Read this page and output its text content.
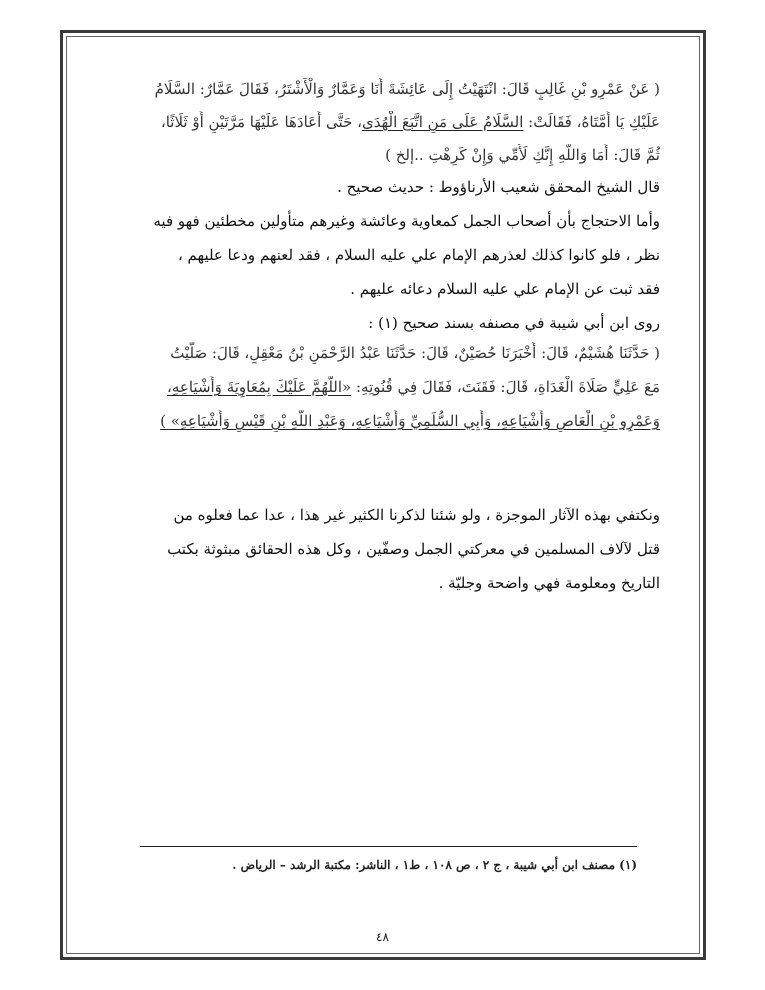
( عَنْ عَمْرِو بْنِ غَالِبٍ قَالَ: انْتَهَيْتُ إِلَى عَائِشَةَ أَنَا وَعَمَّارٌ وَالْأَشْتَرُ، فَقَالَ عَمَّارٌ: السَّلَامُ
عَلَيْكِ يَا أُمَّتَاهُ، فَقَالَتْ: السَّلَامُ عَلَى مَنِ اتَّبَعَ الْهُدَى، حَتَّى أَعَادَهَا عَلَيْهَا مَرَّتَيْنِ أَوْ ثَلَاثًا،
ثُمَّ قَالَ: أَمَا وَاللَّهِ إِنَّكِ لَأُمِّي وَإِنْ كَرِهْتِ ..إلخ )
قال الشيخ المحقق شعيب الأرناؤوط : حديث صحيح .
وأما الاحتجاج بأن أصحاب الجمل كمعاوية وعائشة وغيرهم متأولين مخطئين فهو فيه
نظر ، فلو كانوا كذلك لعذرهم الإمام علي عليه السلام ، فقد لعنهم ودعا عليهم ،
فقد ثبت عن الإمام علي عليه السلام دعائه عليهم .
روى ابن أبي شيبة في مصنفه بسند صحيح (١) :
( حَدَّثَنَا هُشَيْمٌ، قَالَ: أَخْبَرَنَا حُصَيْنٌ، قَالَ: حَدَّثَنَا عَبْدُ الرَّحْمَنِ بْنُ مَعْقِلٍ، قَالَ: صَلَّيْتُ
مَعَ عَلِيٍّ صَلَاةَ الْغَدَاةِ، قَالَ: فَقَنَتَ، فَقَالَ فِي قُنُوتِهِ: «اللَّهُمَّ عَلَيْكَ بِمُعَاوِيَةَ وَأَشْيَاعِهِ،
وَعَمْرِو بْنِ الْعَاصِ وَأَشْيَاعِهِ، وَأَبِي السُّلَمِيِّ وَأَشْيَاعِهِ، وَعَبْدِ اللَّهِ بْنِ قَيْسٍ وَأَشْيَاعِهِ» )
ونكتفي بهذه الآثار الموجزة ، ولو شئنا لذكرنا الكثير غير هذا ، عدا عما فعلوه من
قتل لآلاف المسلمين في معركتي الجمل وصفّين ، وكل هذه الحقائق مبثوثة بكتب
التاريخ ومعلومة فهي واضحة وجليّة .
(١) مصنف ابن أبي شيبة ، ج ٢ ، ص ١٠٨ ، ط١ ، الناشر: مكتبة الرشد – الرياض .
٤٨
